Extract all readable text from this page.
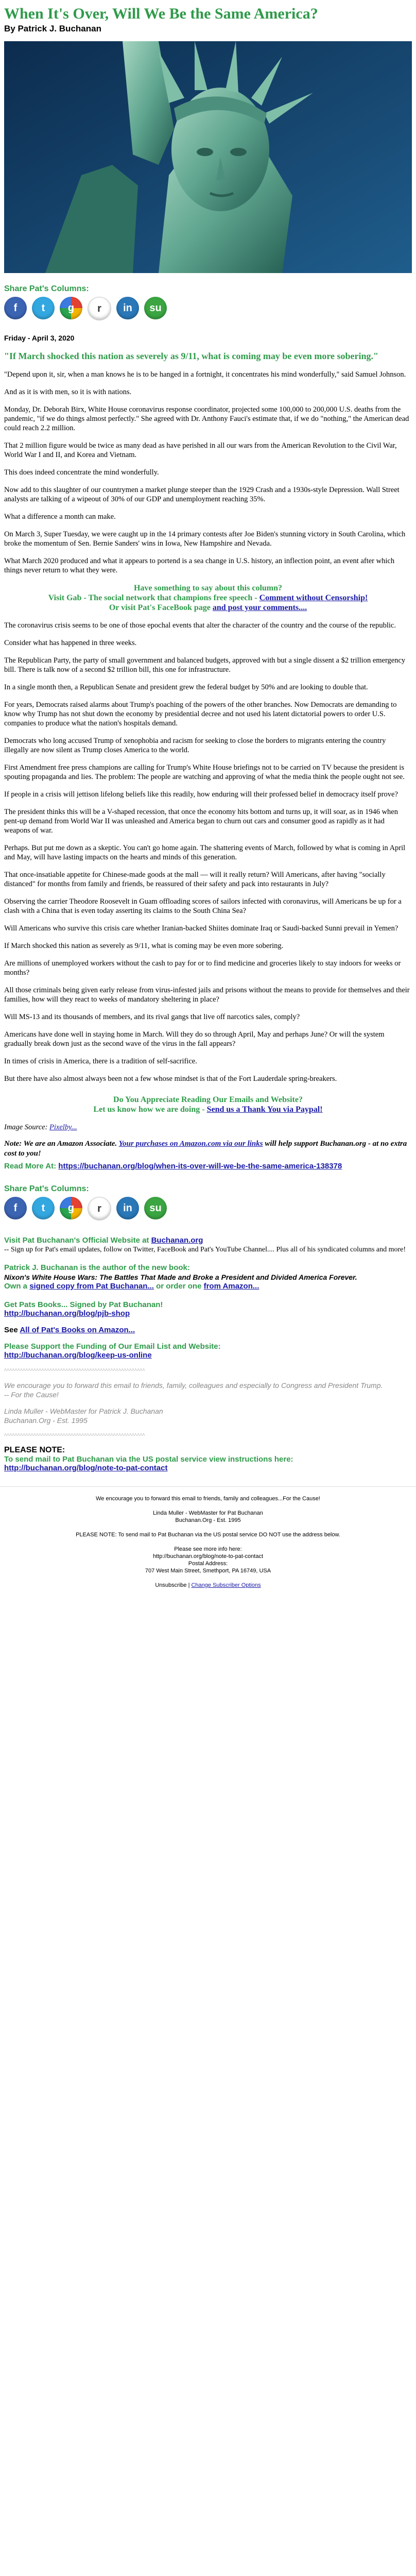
When It's Over, Will We Be the Same America?
By Patrick J. Buchanan
Share Pat's Columns:
f	t	g	r	in	su
Friday - April 3, 2020
"If March shocked this nation as severely as 9/11, what is coming may be even more sobering."

"Depend upon it, sir, when a man knows he is to be hanged in a fortnight, it concentrates his mind wonderfully," said Samuel Johnson.

And as it is with men, so it is with nations.

Monday, Dr. Deborah Birx, White House coronavirus response coordinator, projected some 100,000 to 200,000 U.S. deaths from the pandemic, "if we do things almost perfectly." She agreed with Dr. Anthony Fauci's estimate that, if we do "nothing," the American dead could reach 2.2 million.

That 2 million figure would be twice as many dead as have perished in all our wars from the American Revolution to the Civil War, World War I and II, and Korea and Vietnam.

This does indeed concentrate the mind wonderfully.

Now add to this slaughter of our countrymen a market plunge steeper than the 1929 Crash and a 1930s-style Depression. Wall Street analysts are talking of a wipeout of 30% of our GDP and unemployment reaching 35%.

What a difference a month can make.

On March 3, Super Tuesday, we were caught up in the 14 primary contests after Joe Biden's stunning victory in South Carolina, which broke the momentum of Sen. Bernie Sanders' wins in Iowa, New Hampshire and Nevada.

What March 2020 produced and what it appears to portend is a sea change in U.S. history, an inflection point, an event after which things never return to what they were.

Have something to say about this column?
Visit Gab - The social network that champions free speech - Comment without Censorship!
Or visit Pat's FaceBook page and post your comments....

The coronavirus crisis seems to be one of those epochal events that alter the character of the country and the course of the republic.

Consider what has happened in three weeks.

The Republican Party, the party of small government and balanced budgets, approved with but a single dissent a $2 trillion emergency bill. There is talk now of a second $2 trillion bill, this one for infrastructure.

In a single month then, a Republican Senate and president grew the federal budget by 50% and are looking to double that.

For years, Democrats raised alarms about Trump's poaching of the powers of the other branches. Now Democrats are demanding to know why Trump has not shut down the economy by presidential decree and not used his latent dictatorial powers to order U.S. companies to produce what the nation's hospitals demand.

Democrats who long accused Trump of xenophobia and racism for seeking to close the borders to migrants entering the country illegally are now silent as Trump closes America to the world.

First Amendment free press champions are calling for Trump's White House briefings not to be carried on TV because the president is spouting propaganda and lies. The problem: The people are watching and approving of what the media think the people ought not see.

If people in a crisis will jettison lifelong beliefs like this readily, how enduring will their professed belief in democracy itself prove?

The president thinks this will be a V-shaped recession, that once the economy hits bottom and turns up, it will soar, as in 1946 when pent-up demand from World War II was unleashed and America began to churn out cars and consumer good as rapidly as it had weapons of war.

Perhaps. But put me down as a skeptic. You can't go home again. The shattering events of March, followed by what is coming in April and May, will have lasting impacts on the hearts and minds of this generation.

That once-insatiable appetite for Chinese-made goods at the mall — will it really return? Will Americans, after having "socially distanced" for months from family and friends, be reassured of their safety and pack into restaurants in July?

Observing the carrier Theodore Roosevelt in Guam offloading scores of sailors infected with coronavirus, will Americans be up for a clash with a China that is even today asserting its claims to the South China Sea?

Will Americans who survive this crisis care whether Iranian-backed Shiites dominate Iraq or Saudi-backed Sunni prevail in Yemen?

If March shocked this nation as severely as 9/11, what is coming may be even more sobering.

Are millions of unemployed workers without the cash to pay for or to find medicine and groceries likely to stay indoors for weeks or months?

All those criminals being given early release from virus-infested jails and prisons without the means to provide for themselves and their families, how will they react to weeks of mandatory sheltering in place?

Will MS-13 and its thousands of members, and its rival gangs that live off narcotics sales, comply?

Americans have done well in staying home in March. Will they do so through April, May and perhaps June? Or will the system gradually break down just as the second wave of the virus in the fall appears?

In times of crisis in America, there is a tradition of self-sacrifice.

But there have also almost always been not a few whose mindset is that of the Fort Lauderdale spring-breakers.

Do You Appreciate Reading Our Emails and Website?
Let us know how we are doing - Send us a Thank You via Paypal!

Image Source: Pixelby...

Note: We are an Amazon Associate. Your purchases on Amazon.com via our links will help support Buchanan.org - at no extra cost to you!
Read More At: https://buchanan.org/blog/when-its-over-will-we-be-the-same-america-138378
Share Pat's Columns:
f	t	g	r	in	su
Visit Pat Buchanan's Official Website at Buchanan.org
-- Sign up for Pat's email updates, follow on Twitter, FaceBook and Pat's YouTube Channel.... Plus all of his syndicated columns and more!
Patrick J. Buchanan is the author of the new book:
Nixon's White House Wars: The Battles That Made and Broke a President and Divided America Forever.
Own a signed copy from Pat Buchanan... or order one from Amazon...
Get Pats Books... Signed by Pat Buchanan!
http://buchanan.org/blog/pjb-shop
See All of Pat's Books on Amazon...
Please Support the Funding of Our Email List and Website:
http://buchanan.org/blog/keep-us-online
^^^^^^^^^^^^^^^^^^^^^^^^^^^^^^^^^^^^^^^^^^^^^^^^^^^^^
We encourage you to forward this email to friends, family, colleagues and especially to Congress and President Trump.
-- For the Cause!
Linda Muller - WebMaster for Patrick J. Buchanan
Buchanan.Org - Est. 1995
^^^^^^^^^^^^^^^^^^^^^^^^^^^^^^^^^^^^^^^^^^^^^^^^^^^^^
PLEASE NOTE:
To send mail to Pat Buchanan via the US postal service view instructions here:
http://buchanan.org/blog/note-to-pat-contact
We encourage you to forward this email to friends, family and colleagues...For the Cause!
Linda Muller - WebMaster for Pat Buchanan
Buchanan.Org - Est. 1995
PLEASE NOTE: To send mail to Pat Buchanan via the US postal service DO NOT use the address below.
Please see more info here:
http://buchanan.org/blog/note-to-pat-contact
Postal Address:
707 West Main Street, Smethport, PA 16749, USA
Unsubscribe | Change Subscriber Options
